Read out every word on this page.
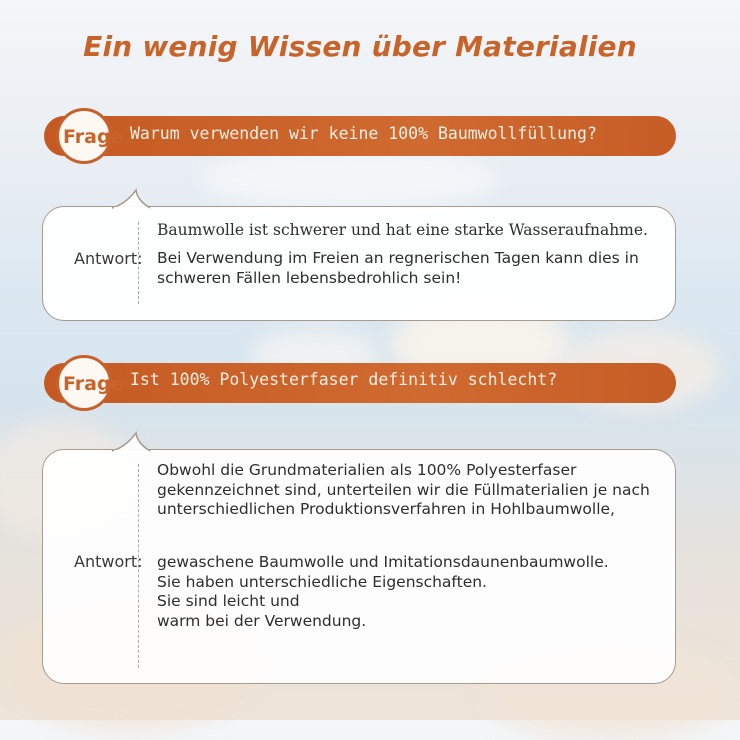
Ein wenig Wissen über Materialien
Frage Warum verwenden wir keine 100% Baumwollfüllung?
Antwort:
Baumwolle ist schwerer und hat eine starke Wasseraufnahme.
Bei Verwendung im Freien an regnerischen Tagen kann dies in
schweren Fällen lebensbedrohlich sein!
Frage Ist 100% Polyesterfaser definitiv schlecht?
Antwort:
Obwohl die Grundmaterialien als 100% Polyesterfaser
gekennzeichnet sind, unterteilen wir die Füllmaterialien je nach
unterschiedlichen Produktionsverfahren in Hohlbaumwolle,
gewaschene Baumwolle und Imitationsdaunenbaumwolle.
Sie haben unterschiedliche Eigenschaften.
Sie sind leicht und
warm bei der Verwendung.
